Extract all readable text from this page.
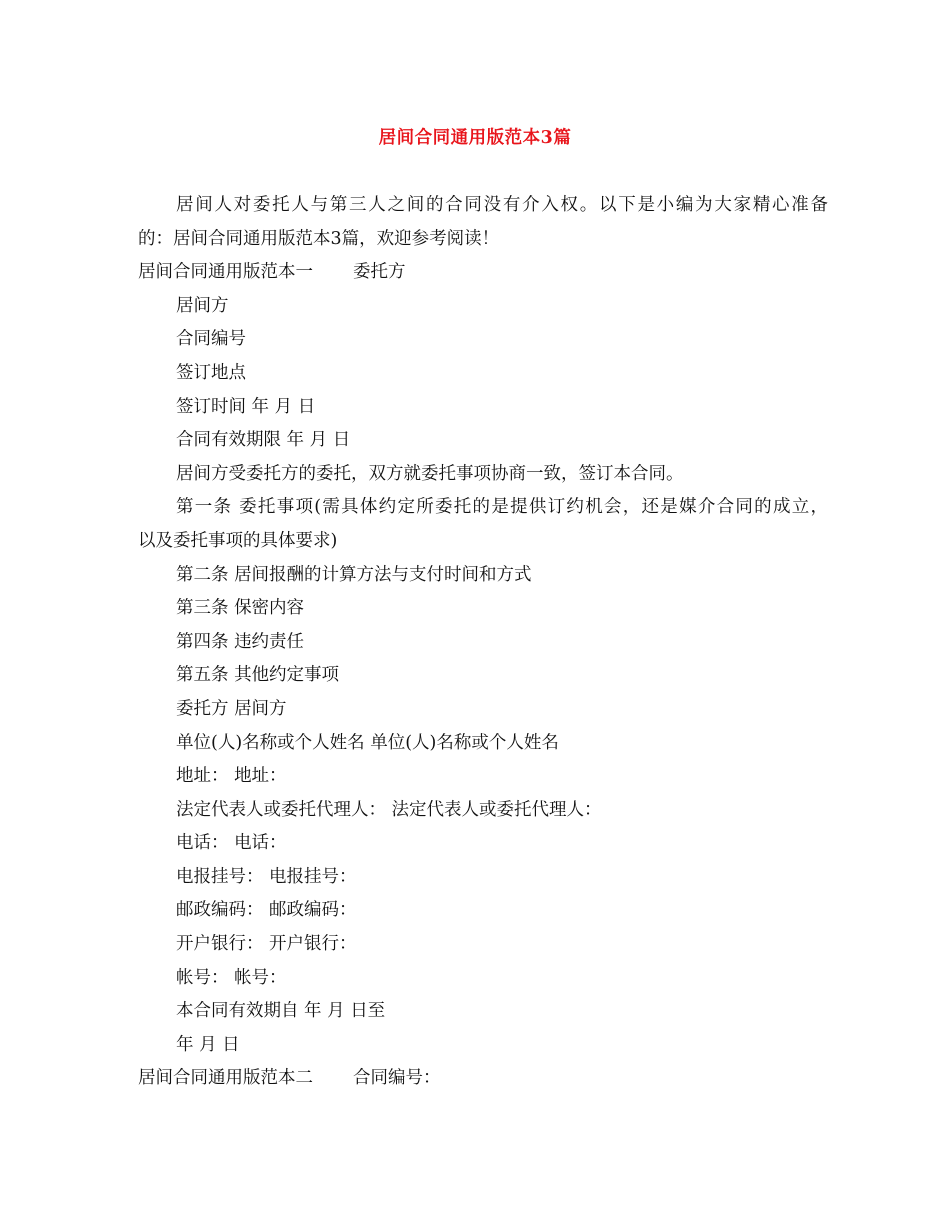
居间合同通用版范本3篇
居间人对委托人与第三人之间的合同没有介入权。以下是小编为大家精心准备
的：居间合同通用版范本3篇，欢迎参考阅读！
居间合同通用版范本一 委托方
居间方
合同编号
签订地点
签订时间 年 月 日
合同有效期限 年 月 日
居间方受委托方的委托，双方就委托事项协商一致，签订本合同。
第一条 委托事项(需具体约定所委托的是提供订约机会，还是媒介合同的成立，
以及委托事项的具体要求)
第二条 居间报酬的计算方法与支付时间和方式
第三条 保密内容
第四条 违约责任
第五条 其他约定事项
委托方 居间方
单位(人)名称或个人姓名 单位(人)名称或个人姓名
地址： 地址：
法定代表人或委托代理人： 法定代表人或委托代理人：
电话： 电话：
电报挂号： 电报挂号：
邮政编码： 邮政编码：
开户银行： 开户银行：
帐号： 帐号：
本合同有效期自 年 月 日至
年 月 日
居间合同通用版范本二 合同编号：
